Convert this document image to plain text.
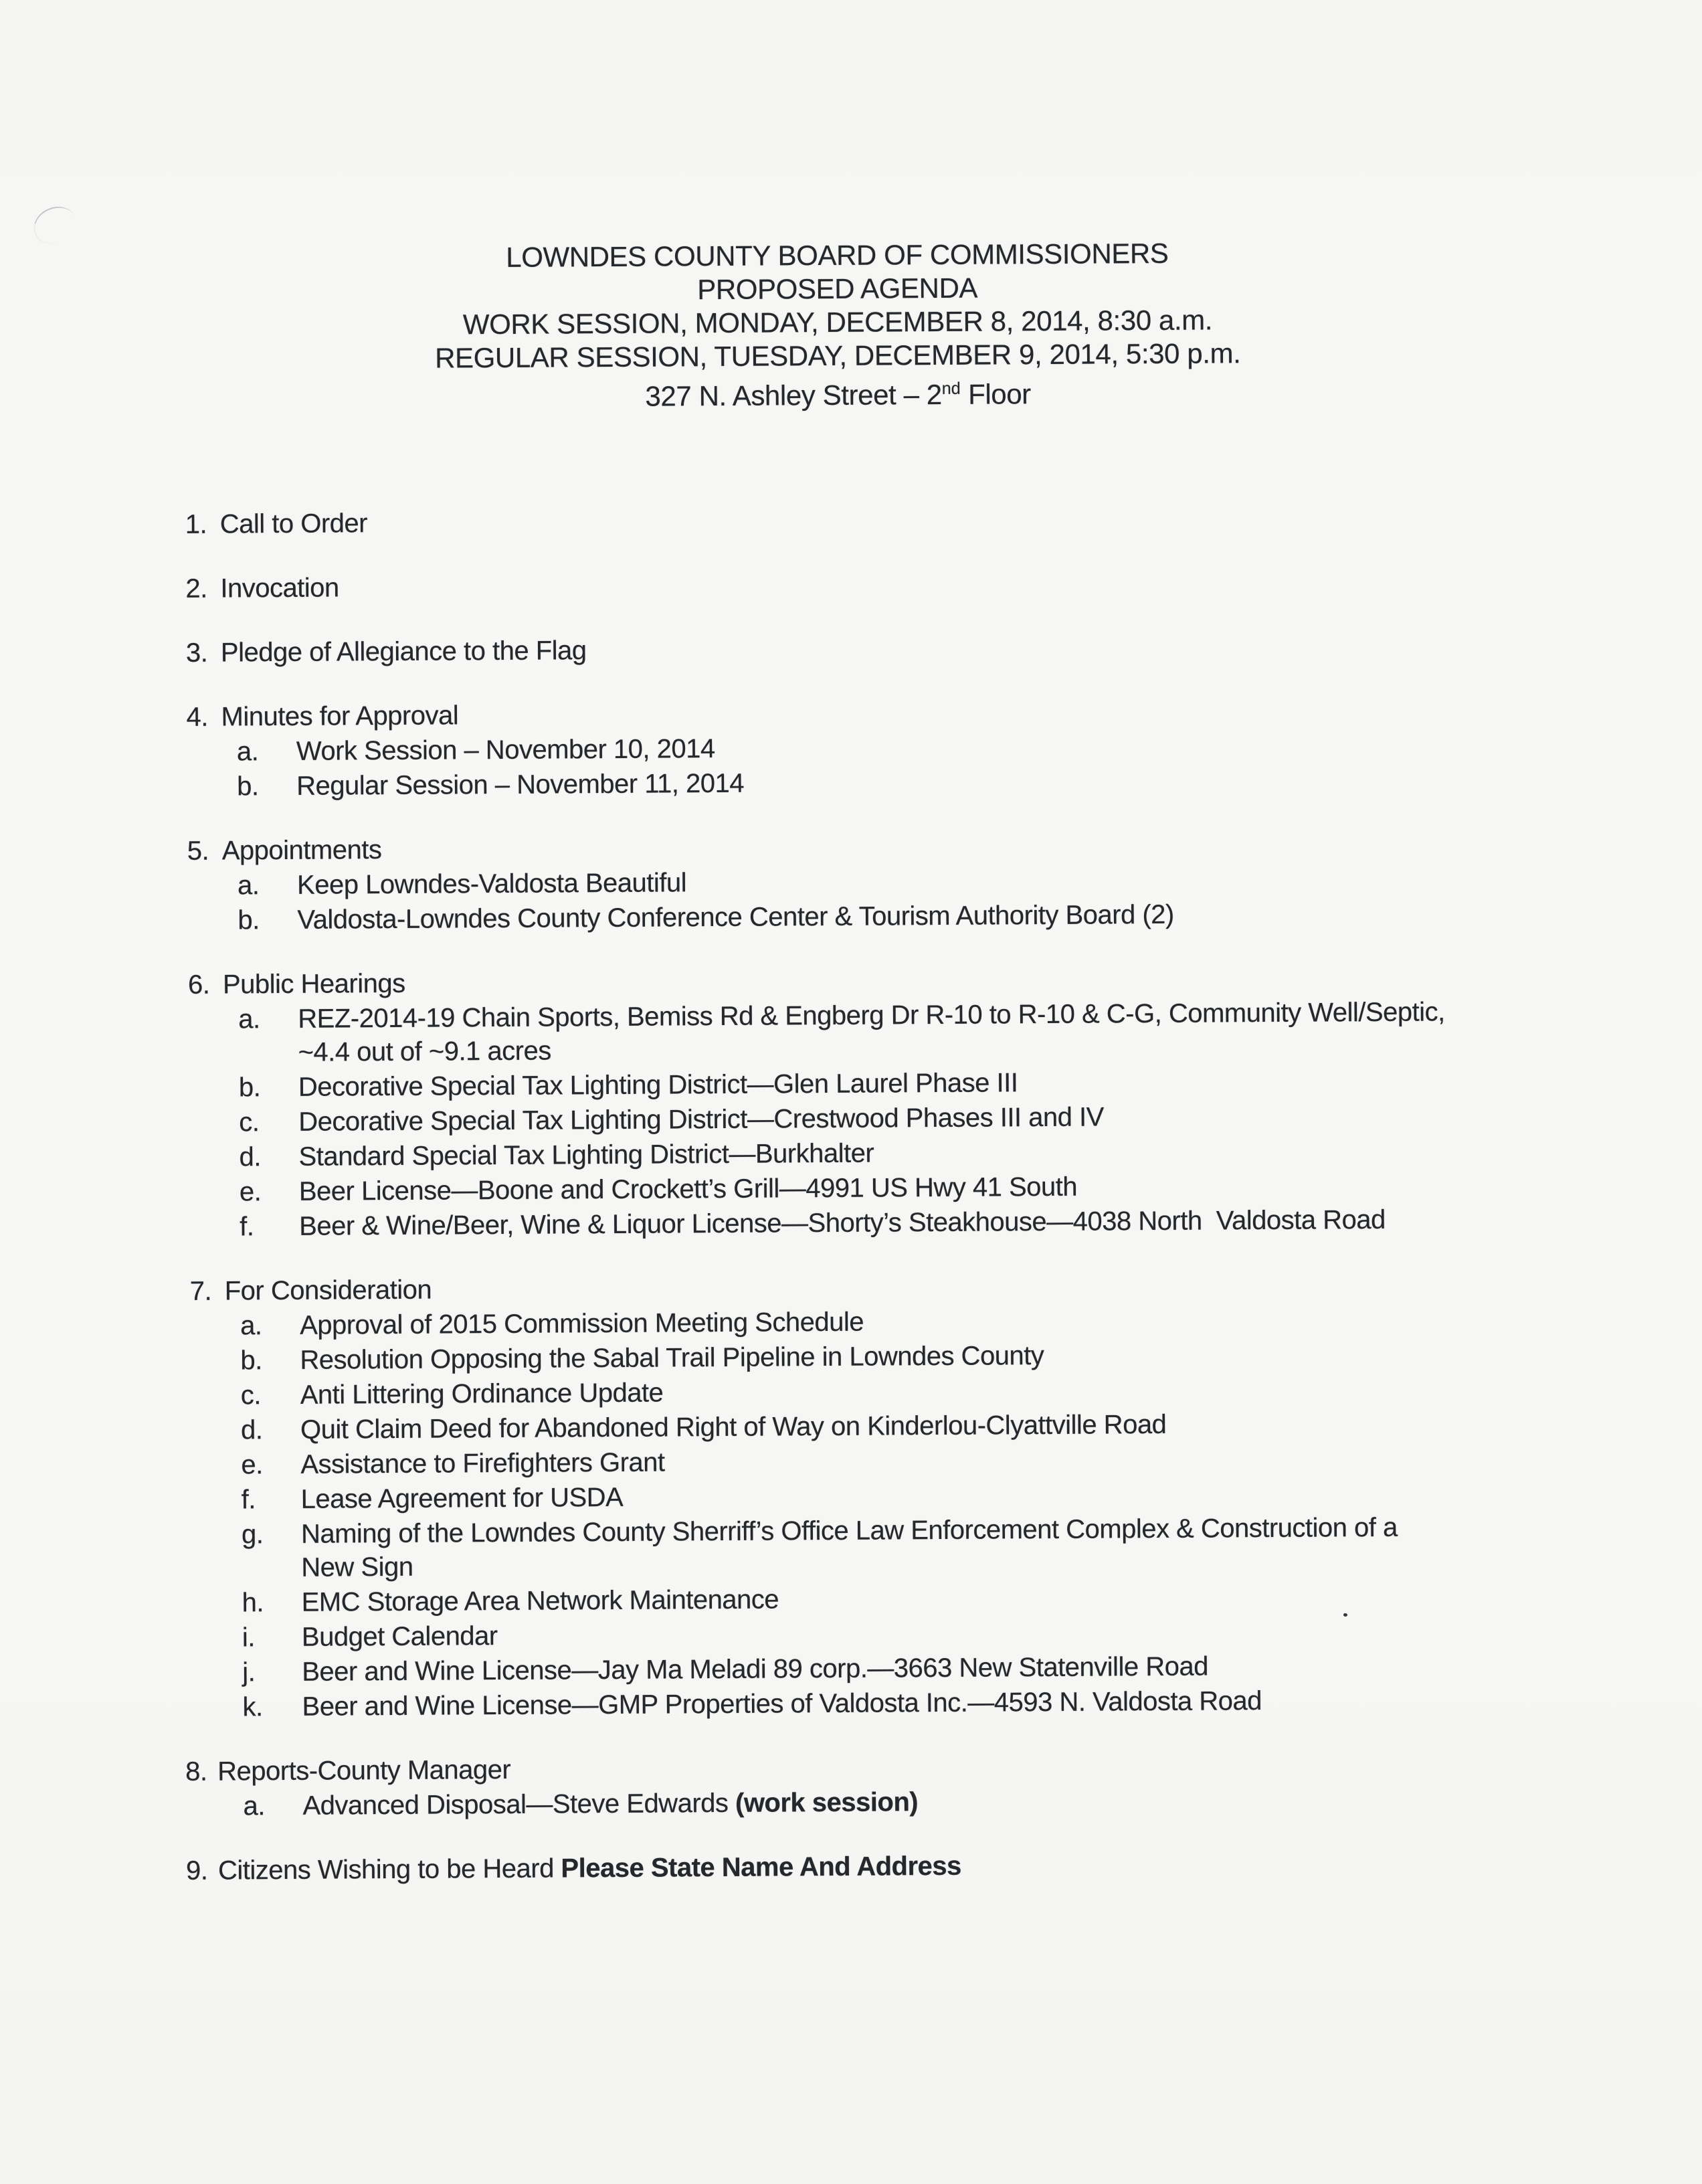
LOWNDES COUNTY BOARD OF COMMISSIONERS
PROPOSED AGENDA
WORK SESSION, MONDAY, DECEMBER 8, 2014, 8:30 a.m.
REGULAR SESSION, TUESDAY, DECEMBER 9, 2014, 5:30 p.m.
327 N. Ashley Street – 2nd Floor
1. Call to Order
2. Invocation
3. Pledge of Allegiance to the Flag
4. Minutes for Approval
a.	Work Session – November 10, 2014
b.	Regular Session – November 11, 2014
5. Appointments
a.	Keep Lowndes-Valdosta Beautiful
b.	Valdosta-Lowndes County Conference Center & Tourism Authority Board (2)
6. Public Hearings
a.	REZ-2014-19 Chain Sports, Bemiss Rd & Engberg Dr R-10 to R-10 & C-G, Community Well/Septic,
~4.4 out of ~9.1 acres
b.	Decorative Special Tax Lighting District—Glen Laurel Phase III
c.	Decorative Special Tax Lighting District—Crestwood Phases III and IV
d.	Standard Special Tax Lighting District—Burkhalter
e.	Beer License—Boone and Crockett’s Grill—4991 US Hwy 41 South
f.	Beer & Wine/Beer, Wine & Liquor License—Shorty’s Steakhouse—4038 North  Valdosta Road
7. For Consideration
a.	Approval of 2015 Commission Meeting Schedule
b.	Resolution Opposing the Sabal Trail Pipeline in Lowndes County
c.	Anti Littering Ordinance Update
d.	Quit Claim Deed for Abandoned Right of Way on Kinderlou-Clyattville Road
e.	Assistance to Firefighters Grant
f.	Lease Agreement for USDA
g.	Naming of the Lowndes County Sherriff’s Office Law Enforcement Complex & Construction of a
New Sign
h.	EMC Storage Area Network Maintenance
i.	Budget Calendar
j.	Beer and Wine License—Jay Ma Meladi 89 corp.—3663 New Statenville Road
k.	Beer and Wine License—GMP Properties of Valdosta Inc.—4593 N. Valdosta Road
8. Reports-County Manager
a.	Advanced Disposal—Steve Edwards (work session)
9. Citizens Wishing to be Heard Please State Name And Address
